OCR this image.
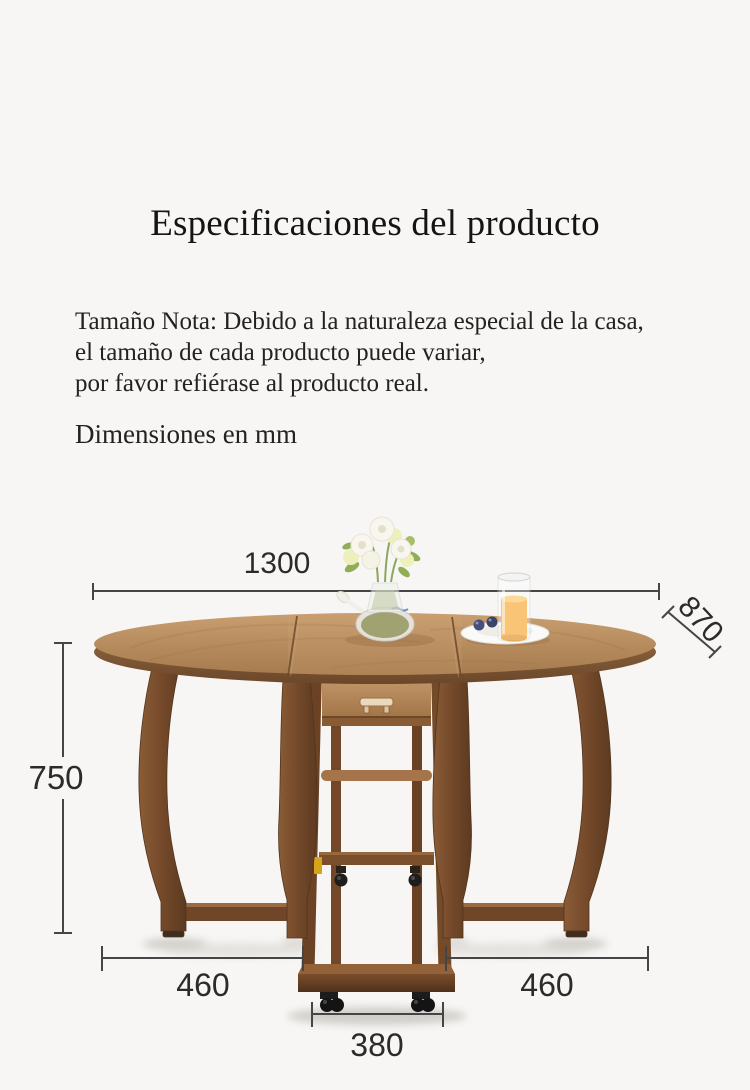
Especificaciones del producto
Tamaño Nota: Debido a la naturaleza especial de la casa,
el tamaño de cada producto puede variar,
por favor refiérase al producto real.
Dimensiones en mm
1300
870
750
460	460
380
